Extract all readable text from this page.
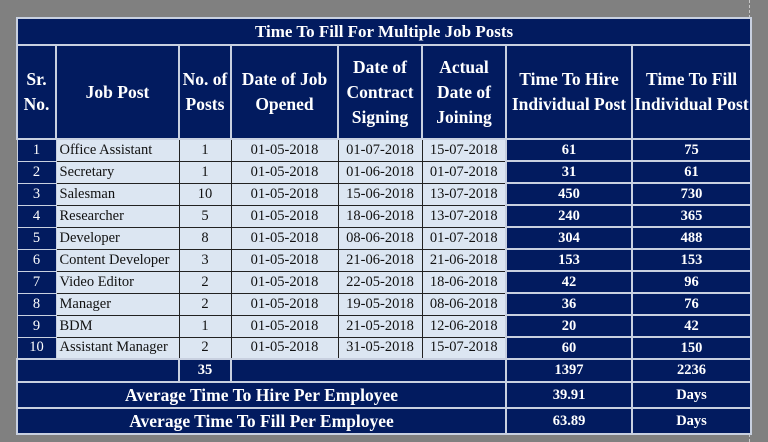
Time To Fill For Multiple Job Posts							
Sr. No.	Job Post	No. of Posts	Date of Job Opened	Date of Contract Signing	Actual Date of Joining	Time To Hire Individual Post	Time To Fill Individual Post
1	Office Assistant	1	01-05-2018	01-07-2018	15-07-2018	61	75
2	Secretary	1	01-05-2018	01-06-2018	01-07-2018	31	61
3	Salesman	10	01-05-2018	15-06-2018	13-07-2018	450	730
4	Researcher	5	01-05-2018	18-06-2018	13-07-2018	240	365
5	Developer	8	01-05-2018	08-06-2018	01-07-2018	304	488
6	Content Developer	3	01-05-2018	21-06-2018	21-06-2018	153	153
7	Video Editor	2	01-05-2018	22-05-2018	18-06-2018	42	96
8	Manager	2	01-05-2018	19-05-2018	08-06-2018	36	76
9	BDM	1	01-05-2018	21-05-2018	12-06-2018	20	42
10	Assistant Manager	2	01-05-2018	31-05-2018	15-07-2018	60	150
		35				1397	2236
Average Time To Hire Per Employee						39.91	Days
Average Time To Fill Per Employee						63.89	Days
